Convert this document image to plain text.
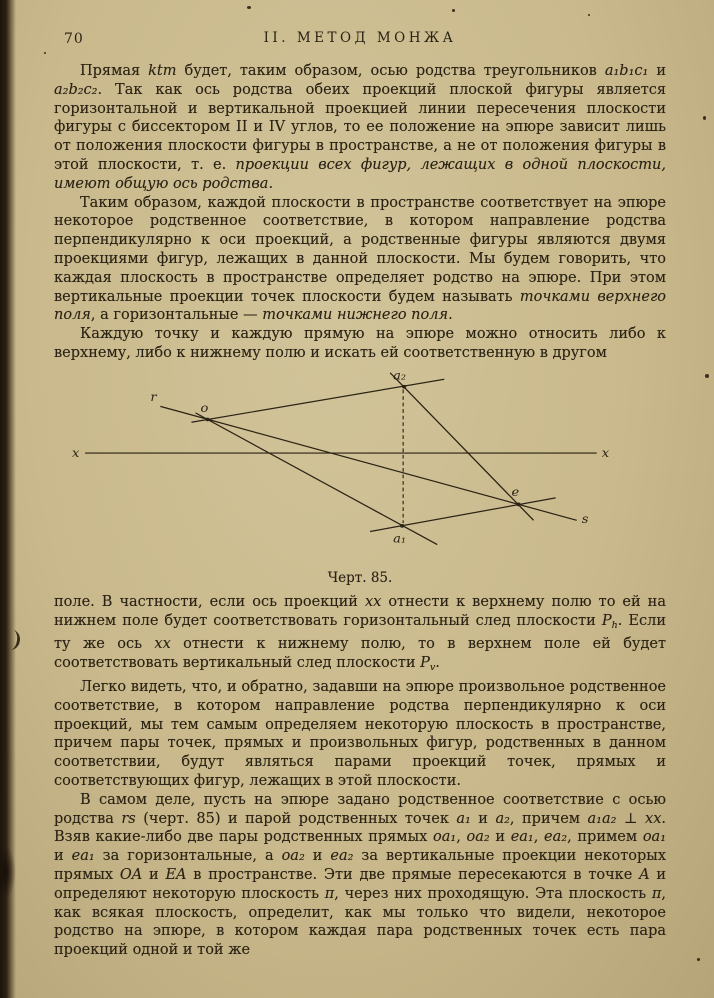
70	II. МЕТОД МОНЖА

Прямая ktm будет, таким образом, осью родства треугольников a₁b₁c₁ и a₂b₂c₂. Так как ось родства обеих проекций плоской фигуры является горизонтальной и вертикальной проекцией линии пересечения плоскости фигуры с биссектором II и IV углов, то ее положение на эпюре зависит лишь от положения плоскости фигуры в пространстве, а не от положения фигуры в этой плоскости, т. е. проекции всех фигур, лежащих в одной плоскости, имеют общую ось родства.

Таким образом, каждой плоскости в пространстве соответствует на эпюре некоторое родственное соответствие, в котором направление родства перпендикулярно к оси проекций, а родственные фигуры являются двумя проекциями фигур, лежащих в данной плоскости. Мы будем говорить, что каждая плоскость в пространстве определяет родство на эпюре. При этом вертикальные проекции точек плоскости будем называть точками верхнего поля, а горизонтальные — точками нижнего поля.

Каждую точку и каждую прямую на эпюре можно относить либо к верхнему, либо к нижнему полю и искать ей соответственную в другом

r
o
a₂
e
s
a₁
x	x
Черт. 85.

поле. В частности, если ось проекций xx отнести к верхнему полю то ей на нижнем поле будет соответствовать горизонтальный след плоскости $P_h$. Если ту же ось xx отнести к нижнему полю, то в верхнем поле ей будет соответствовать вертикальный след плоскости $P_v$.

Легко видеть, что, и обратно, задавши на эпюре произвольное родственное соответствие, в котором направление родства перпендикулярно к оси проекций, мы тем самым определяем некоторую плоскость в пространстве, причем пары точек, прямых и произвольных фигур, родственных в данном соответствии, будут являться парами проекций точек, прямых и соответствующих фигур, лежащих в этой плоскости.

В самом деле, пусть на эпюре задано родственное соответствие с осью родства rs (черт. 85) и парой родственных точек a₁ и a₂, причем a₁a₂ ⊥ xx. Взяв какие-либо две пары родственных прямых oa₁, oa₂ и ea₁, ea₂, примем oa₁ и ea₁ за горизонтальные, а oa₂ и ea₂ за вертикальные проекции некоторых прямых OA и EA в пространстве. Эти две прямые пересекаются в точке A и определяют некоторую плоскость π, через них проходящую. Эта плоскость π, как всякая плоскость, определит, как мы только что видели, некоторое родство на эпюре, в котором каждая пара родственных точек есть пара проекций одной и той же
